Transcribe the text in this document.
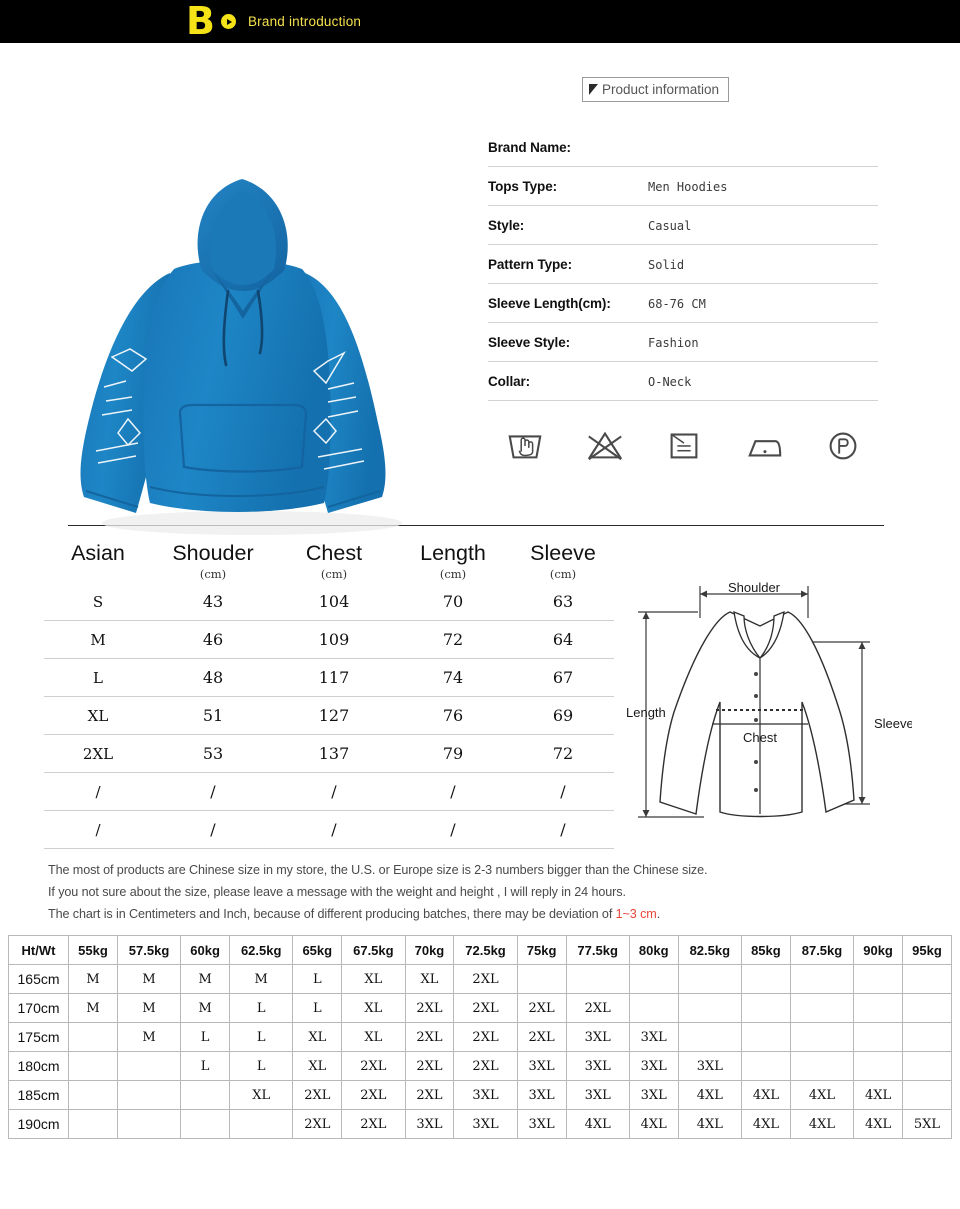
B	Brand introduction
Product information
Brand Name:	
Tops Type:	Men Hoodies
Style:	Casual
Pattern Type:	Solid
Sleeve Length(cm):	68-76 CM
Sleeve Style:	Fashion
Collar:	O-Neck
Asian	Shouder	Chest	Length	Sleeve
	(cm)	(cm)	(cm)	(cm)
S	43	104	70	63
M	46	109	72	64
L	48	117	74	67
XL	51	127	76	69
2XL	53	137	79	72
/	/	/	/	/
/	/	/	/	/
Shoulder
Length
Chest
Sleeve
The most of products are Chinese size in my store, the U.S. or Europe size is 2-3 numbers bigger than the Chinese size.
If you not sure about the size, please leave a message with the weight and height , I will reply in 24 hours.
The chart is in Centimeters and Inch, because of different producing batches, there may be deviation of 1~3 cm.
Ht/Wt	55kg	57.5kg	60kg	62.5kg	65kg	67.5kg	70kg	72.5kg	75kg	77.5kg	80kg	82.5kg	85kg	87.5kg	90kg	95kg
165cm	M	M	M	M	L	XL	XL	2XL								
170cm	M	M	M	L	L	XL	2XL	2XL	2XL	2XL						
175cm		M	L	L	XL	XL	2XL	2XL	2XL	3XL	3XL					
180cm			L	L	XL	2XL	2XL	2XL	3XL	3XL	3XL	3XL				
185cm				XL	2XL	2XL	2XL	3XL	3XL	3XL	3XL	4XL	4XL	4XL	4XL	
190cm					2XL	2XL	3XL	3XL	3XL	4XL	4XL	4XL	4XL	4XL	4XL	5XL
